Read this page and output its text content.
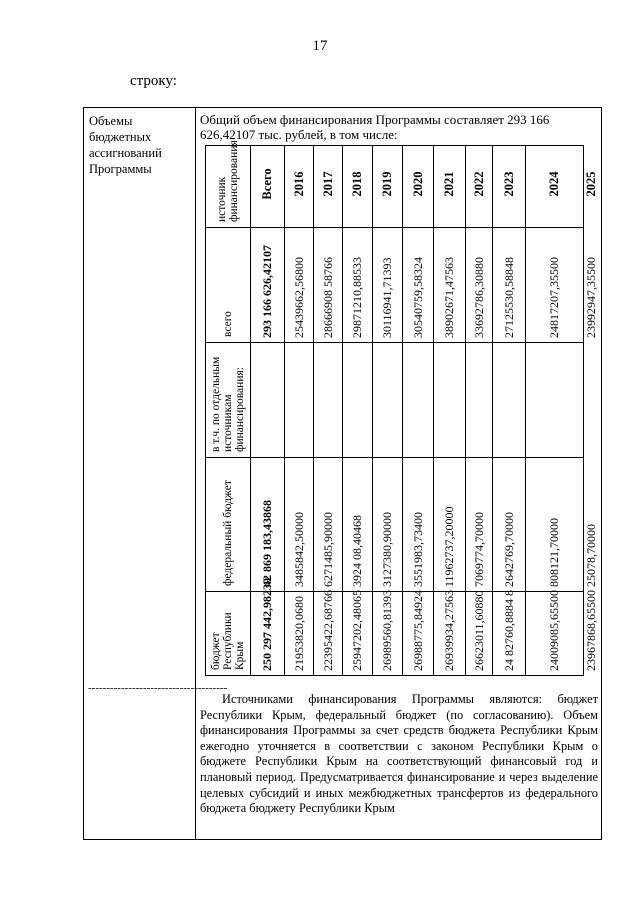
17
строку:
Объемы бюджетных ассигнований Программы
Общий объем финансирования Программы составляет 293 166 626,42107 тыс. рублей, в том числе:
источник финансирования
всего
в т.ч. по отдельным источникам финансирования:
федеральный бюджет
бюджет Республики Крым
Всего
293 166 626,42107
42 869 183,43868
250 297 442,98239
2016
25439662,56800
3485842,50000
21953820,0680
2017
28666908 58766
6271485,90000
22395422,68766
2018
29871210,88533
3924 08,40468
25947202,48065
2019
30116941,71393
3127380,90000
26989560,81393
2020
30540759,58324
3551983,73400
26988775,84924
2021
38902671,47563
11962737,20000
26939934,27563
2022
33692786,30880
7069774,70000
26623011,60880
2023
27125530,58848
2642769,70000
24 82760,8884 8
2024
24817207,35500
808121,70000
24009085,65500
2025
23992947,35500
25078,70000
23967868,65500
--------------------------------------
Источниками финансирования Программы являются: бюджет Республики Крым, федеральный бюджет (по согласованию). Объем финансирования Программы за счет средств бюджета Республики Крым ежегодно уточняется в соответствии с законом Республики Крым о бюджете Республики Крым на соответствующий финансовый год и плановый период. Предусматривается финансирование и через выделение целевых субсидий и иных межбюджетных трансфертов из федерального бюджета бюджету Республики Крым
